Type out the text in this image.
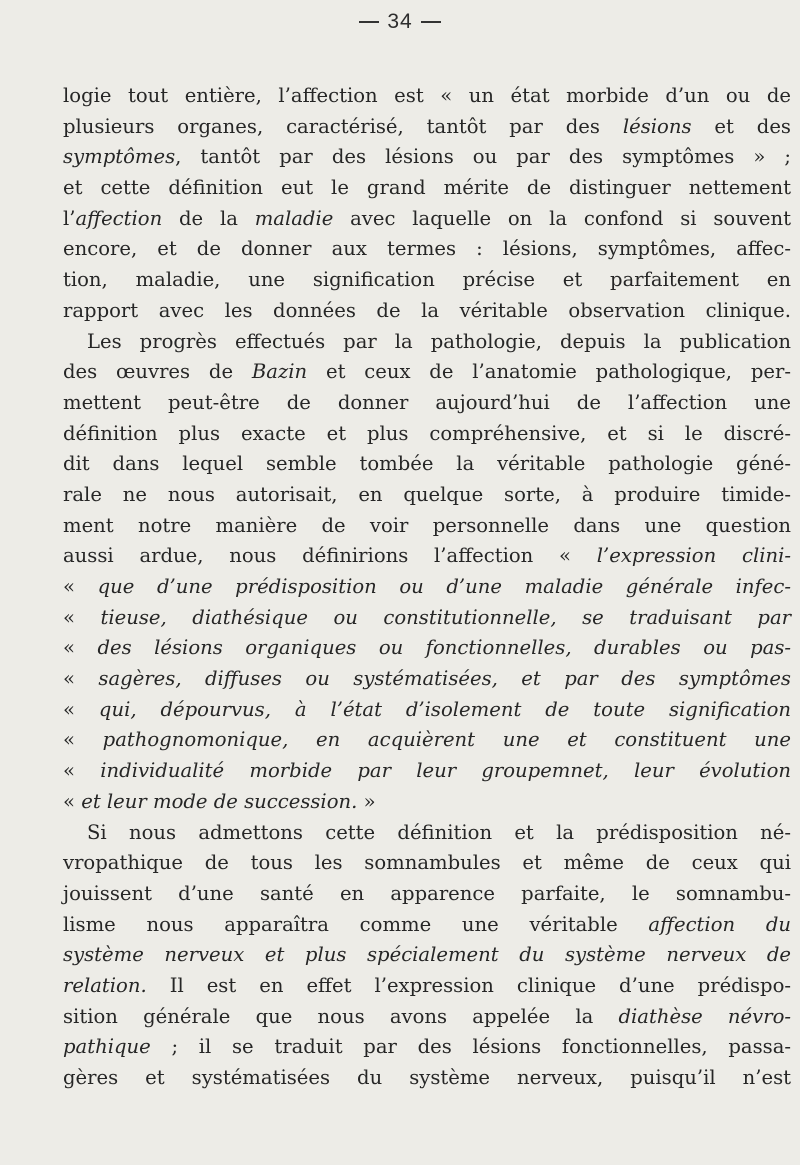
34
logie tout entière, l’affection est « un état morbide d’un ou de
plusieurs organes, caractérisé, tantôt par des lésions et des
symptômes, tantôt par des lésions ou par des symptômes » ;
et cette définition eut le grand mérite de distinguer nettement
l’affection de la maladie avec laquelle on la confond si souvent
encore, et de donner aux termes : lésions, symptômes, affec-
tion, maladie, une signification précise et parfaitement en
rapport avec les données de la véritable observation clinique.
Les progrès effectués par la pathologie, depuis la publication
des œuvres de Bazin et ceux de l’anatomie pathologique, per-
mettent peut-être de donner aujourd’hui de l’affection une
définition plus exacte et plus compréhensive, et si le discré-
dit dans lequel semble tombée la véritable pathologie géné-
rale ne nous autorisait, en quelque sorte, à produire timide-
ment notre manière de voir personnelle dans une question
aussi ardue, nous définirions l’affection « l’expression clini-
« que d’une prédisposition ou d’une maladie générale infec-
« tieuse, diathésique ou constitutionnelle, se traduisant par
« des lésions organiques ou fonctionnelles, durables ou pas-
« sagères, diffuses ou systématisées, et par des symptômes
« qui, dépourvus, à l’état d’isolement de toute signification
« pathognomonique, en acquièrent une et constituent une
« individualité morbide par leur groupemnet, leur évolution
« et leur mode de succession. »
Si nous admettons cette définition et la prédisposition né-
vropathique de tous les somnambules et même de ceux qui
jouissent d’une santé en apparence parfaite, le somnambu-
lisme nous apparaîtra comme une véritable affection du
système nerveux et plus spécialement du système nerveux de
relation. Il est en effet l’expression clinique d’une prédispo-
sition générale que nous avons appelée la diathèse névro-
pathique ; il se traduit par des lésions fonctionnelles, passa-
gères et systématisées du système nerveux, puisqu’il n’est
